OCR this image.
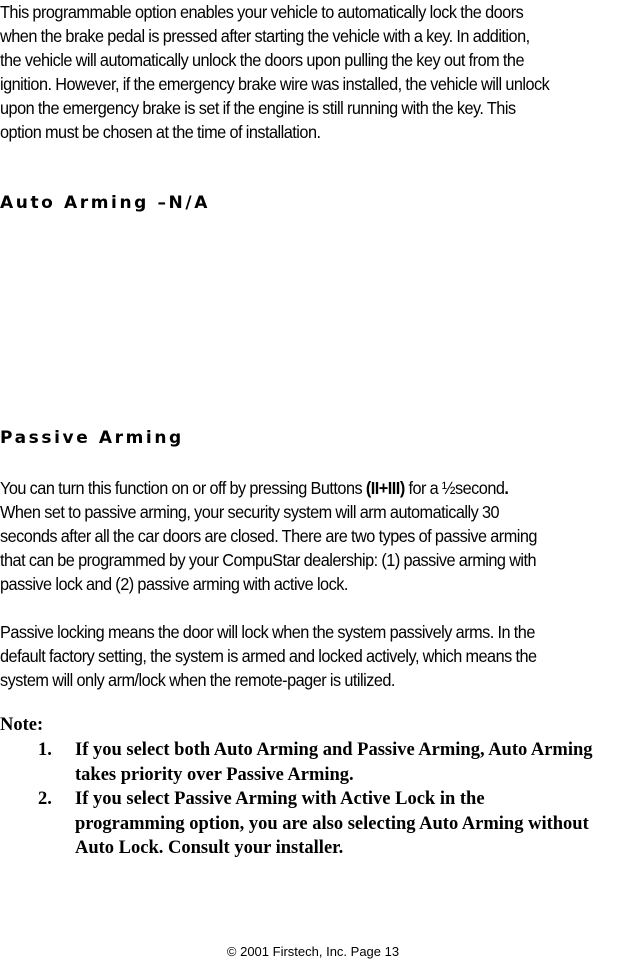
This programmable option enables your vehicle to automatically lock the doors
when the brake pedal is pressed after starting the vehicle with a key. In addition,
the vehicle will automatically unlock the doors upon pulling the key out from the
ignition. However, if the emergency brake wire was installed, the vehicle will unlock
upon the emergency brake is set if the engine is still running with the key. This
option must be chosen at the time of installation.
Auto Arming –N/A
Passive Arming
You can turn this function on or off by pressing Buttons (II+III) for a ½second.
When set to passive arming, your security system will arm automatically 30
seconds after all the car doors are closed. There are two types of passive arming
that can be programmed by your CompuStar dealership: (1) passive arming with
passive lock and (2) passive arming with active lock.
Passive locking means the door will lock when the system passively arms. In the
default factory setting, the system is armed and locked actively, which means the
system will only arm/lock when the remote-pager is utilized.
Note:
1.	If you select both Auto Arming and Passive Arming, Auto Arming takes priority over Passive Arming.
2.	If you select Passive Arming with Active Lock in the programming option, you are also selecting Auto Arming without Auto Lock. Consult your installer.
© 2001 Firstech, Inc. Page 13
